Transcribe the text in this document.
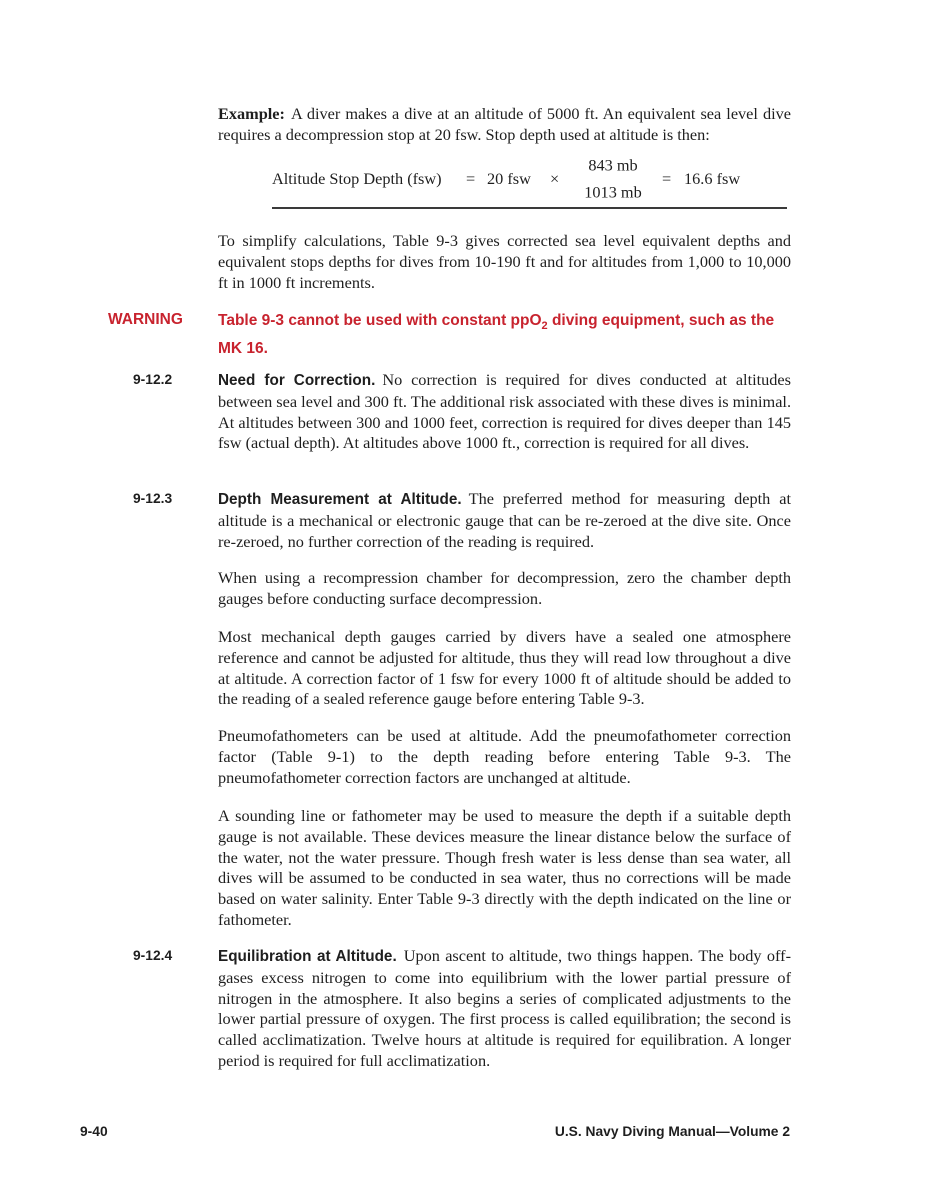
Example: A diver makes a dive at an altitude of 5000 ft. An equivalent sea level dive requires a decompression stop at 20 fsw. Stop depth used at altitude is then:

Altitude Stop Depth (fsw) = 20 fsw ×
843 mb
1013 mb
= 16.6 fsw

To simplify calculations, Table 9-3 gives corrected sea level equivalent depths and equivalent stops depths for dives from 10-190 ft and for altitudes from 1,000 to 10,000 ft in 1000 ft increments.

WARNING Table 9-3 cannot be used with constant ppO$_2$ diving equipment, such as the MK 16.
9-12.2	Need for Correction. No correction is required for dives conducted at altitudes between sea level and 300 ft. The additional risk associated with these dives is minimal. At altitudes between 300 and 1000 feet, correction is required for dives deeper than 145 fsw (actual depth). At altitudes above 1000 ft., correction is required for all dives.

9-12.3	Depth Measurement at Altitude. The preferred method for measuring depth at altitude is a mechanical or electronic gauge that can be re-zeroed at the dive site. Once re-zeroed, no further correction of the reading is required.

When using a recompression chamber for decompression, zero the chamber depth gauges before conducting surface decompression.

Most mechanical depth gauges carried by divers have a sealed one atmosphere reference and cannot be adjusted for altitude, thus they will read low throughout a dive at altitude. A correction factor of 1 fsw for every 1000 ft of altitude should be added to the reading of a sealed reference gauge before entering Table 9-3.

Pneumofathometers can be used at altitude. Add the pneumofathometer correction factor (Table 9-1) to the depth reading before entering Table 9-3. The pneumofathometer correction factors are unchanged at altitude.

A sounding line or fathometer may be used to measure the depth if a suitable depth gauge is not available. These devices measure the linear distance below the surface of the water, not the water pressure. Though fresh water is less dense than sea water, all dives will be assumed to be conducted in sea water, thus no corrections will be made based on water salinity. Enter Table 9-3 directly with the depth indicated on the line or fathometer.

9-12.4	Equilibration at Altitude. Upon ascent to altitude, two things happen. The body off-gases excess nitrogen to come into equilibrium with the lower partial pressure of nitrogen in the atmosphere. It also begins a series of complicated adjustments to the lower partial pressure of oxygen. The first process is called equilibration; the second is called acclimatization. Twelve hours at altitude is required for equilibration. A longer period is required for full acclimatization.

9-40	U.S. Navy Diving Manual—Volume 2
